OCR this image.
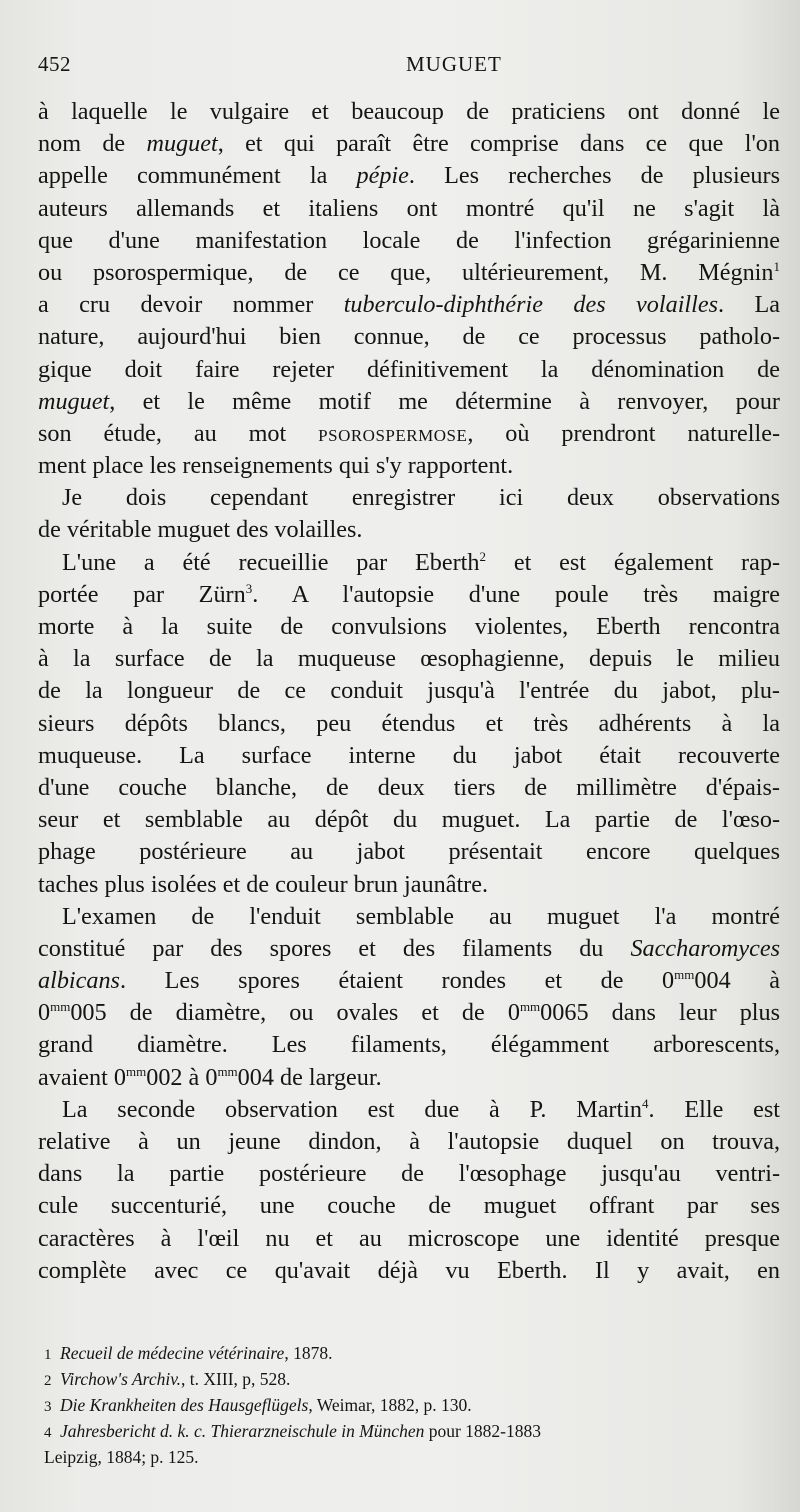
452	MUGUET
à laquelle le vulgaire et beaucoup de praticiens ont donné le
nom de muguet, et qui paraît être comprise dans ce que l'on
appelle communément la pépie. Les recherches de plusieurs
auteurs allemands et italiens ont montré qu'il ne s'agit là
que d'une manifestation locale de l'infection grégarinienne
ou psorospermique, de ce que, ultérieurement, M. Mégnin$^1$
a cru devoir nommer tuberculo-diphthérie des volailles. La
nature, aujourd'hui bien connue, de ce processus patholo-
gique doit faire rejeter définitivement la dénomination de
muguet, et le même motif me détermine à renvoyer, pour
son étude, au mot psorospermose, où prendront naturelle-
ment place les renseignements qui s'y rapportent.
Je dois cependant enregistrer ici deux observations
de véritable muguet des volailles.
L'une a été recueillie par Eberth$^2$ et est également rap-
portée par Zürn$^3$. A l'autopsie d'une poule très maigre
morte à la suite de convulsions violentes, Eberth rencontra
à la surface de la muqueuse œsophagienne, depuis le milieu
de la longueur de ce conduit jusqu'à l'entrée du jabot, plu-
sieurs dépôts blancs, peu étendus et très adhérents à la
muqueuse. La surface interne du jabot était recouverte
d'une couche blanche, de deux tiers de millimètre d'épais-
seur et semblable au dépôt du muguet. La partie de l'œso-
phage postérieure au jabot présentait encore quelques
taches plus isolées et de couleur brun jaunâtre.
L'examen de l'enduit semblable au muguet l'a montré
constitué par des spores et des filaments du Saccharomyces
albicans. Les spores étaient rondes et de $0^{mm}004$ à
$0^{mm}005$ de diamètre, ou ovales et de $0^{mm}0065$ dans leur plus
grand diamètre. Les filaments, élégamment arborescents,
avaient $0^{mm}002$ à $0^{mm}004$ de largeur.
La seconde observation est due à P. Martin$^4$. Elle est
relative à un jeune dindon, à l'autopsie duquel on trouva,
dans la partie postérieure de l'œsophage jusqu'au ventri-
cule succenturié, une couche de muguet offrant par ses
caractères à l'œil nu et au microscope une identité presque
complète avec ce qu'avait déjà vu Eberth. Il y avait, en
1 Recueil de médecine vétérinaire, 1878.
2 Virchow's Archiv., t. XIII, p, 528.
3 Die Krankheiten des Hausgeflügels, Weimar, 1882, p. 130.
4 Jahresbericht d. k. c. Thierarzneischule in München pour 1882-1883
Leipzig, 1884; p. 125.
